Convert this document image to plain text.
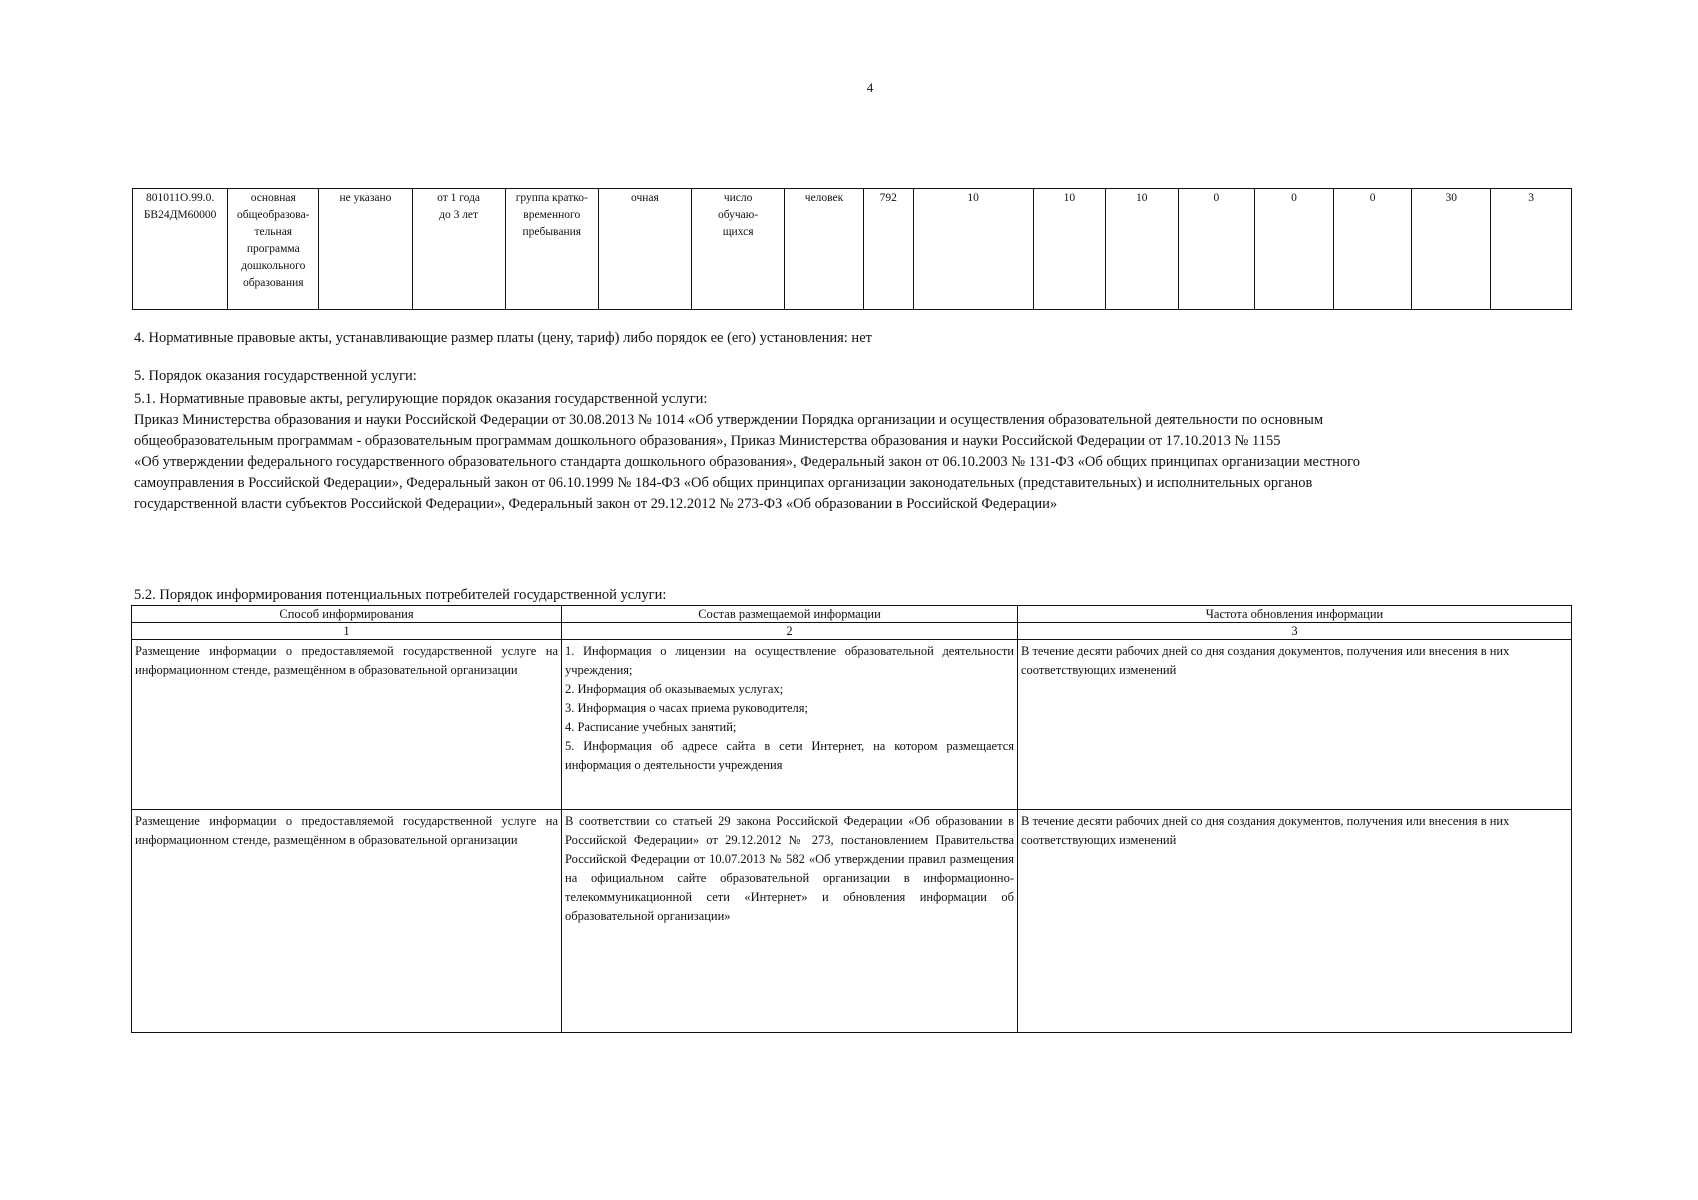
4
801011О.99.0.
БВ24ДМ60000	основная
общеобразова-
тельная
программа
дошкольного
образования	не указано	от 1 года
до 3 лет	группа кратко-
временного
пребывания	очная	число
обучаю-
щихся	человек	792	10	10	10	0	0	0	30	3
4. Нормативные правовые акты, устанавливающие размер платы (цену, тариф) либо порядок ее (его) установления: нет
5. Порядок оказания государственной услуги:
5.1. Нормативные правовые акты, регулирующие порядок оказания государственной услуги:
Приказ Министерства образования и науки Российской Федерации от 30.08.2013 № 1014 «Об утверждении Порядка организации и осуществления образовательной деятельности по основным
общеобразовательным программам - образовательным программам дошкольного образования», Приказ Министерства образования и науки Российской Федерации от 17.10.2013 № 1155
«Об утверждении федерального государственного образовательного стандарта дошкольного образования», Федеральный закон от 06.10.2003 № 131-ФЗ «Об общих принципах организации местного
самоуправления в Российской Федерации», Федеральный закон от 06.10.1999 № 184-ФЗ «Об общих принципах организации законодательных (представительных) и исполнительных органов
государственной власти субъектов Российской Федерации», Федеральный закон от 29.12.2012 № 273-ФЗ «Об образовании в Российской Федерации»
5.2. Порядок информирования потенциальных потребителей государственной услуги:
Способ информирования	Состав размещаемой информации	Частота обновления информации
1	2	3
Размещение информации о предоставляемой государственной услуге на информационном стенде, размещённом в образовательной организации	1. Информация о лицензии на осуществление образовательной деятельности учреждения;
2. Информация об оказываемых услугах;
3. Информация о часах приема руководителя;
4. Расписание учебных занятий;
5. Информация об адресе сайта в сети Интернет, на котором размещается информация о деятельности учреждения	В течение десяти рабочих дней со дня создания документов, получения или внесения в них соответствующих изменений
Размещение информации о предоставляемой государственной услуге на информационном стенде, размещённом в образовательной организации	В соответствии со статьей 29 закона Российской Федерации «Об образовании в Российской Федерации» от 29.12.2012 № 273, постановлением Правительства Российской Федерации от 10.07.2013 № 582 «Об утверждении правил размещения на официальном сайте образовательной организации в информационно-телекоммуникационной сети «Интернет» и обновления информации об образовательной организации»	В течение десяти рабочих дней со дня создания документов, получения или внесения в них соответствующих изменений
